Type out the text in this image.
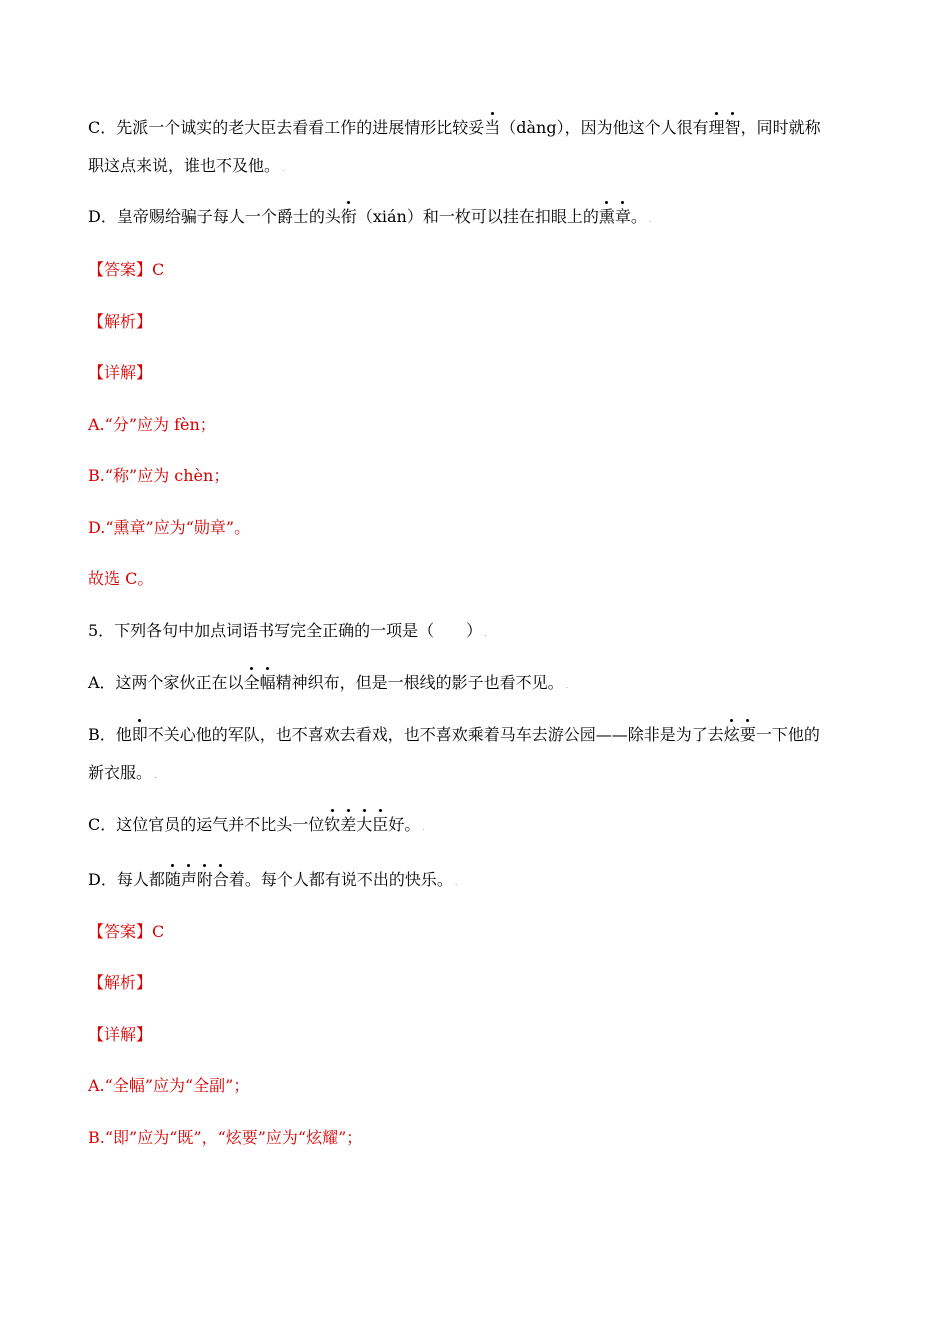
C．先派一个诚实的老大臣去看看工作的进展情形比较妥当（dàng），因为他这个人很有理智，同时就称
职这点来说，谁也不及他。 .
D．皇帝赐给骗子每人一个爵士的头衔（xián）和一枚可以挂在扣眼上的熏章。 .
【答案】C
【解析】
【详解】
A.“分”应为 fèn；
B.“称”应为 chèn；
D.“熏章”应为“勋章”。
故选 C。
5．下列各句中加点词语书写完全正确的一项是（　　） .
A．这两个家伙正在以全幅精神织布，但是一根线的影子也看不见。 .
B．他即不关心他的军队，也不喜欢去看戏，也不喜欢乘着马车去游公园——除非是为了去炫要一下他的
新衣服。 .
C．这位官员的运气并不比头一位钦差大臣好。 .
D．每人都随声附合着。每个人都有说不出的快乐。 .
【答案】C
【解析】
【详解】
A.“全幅”应为“全副”；
B.“即”应为“既”，“炫要”应为“炫耀”；
